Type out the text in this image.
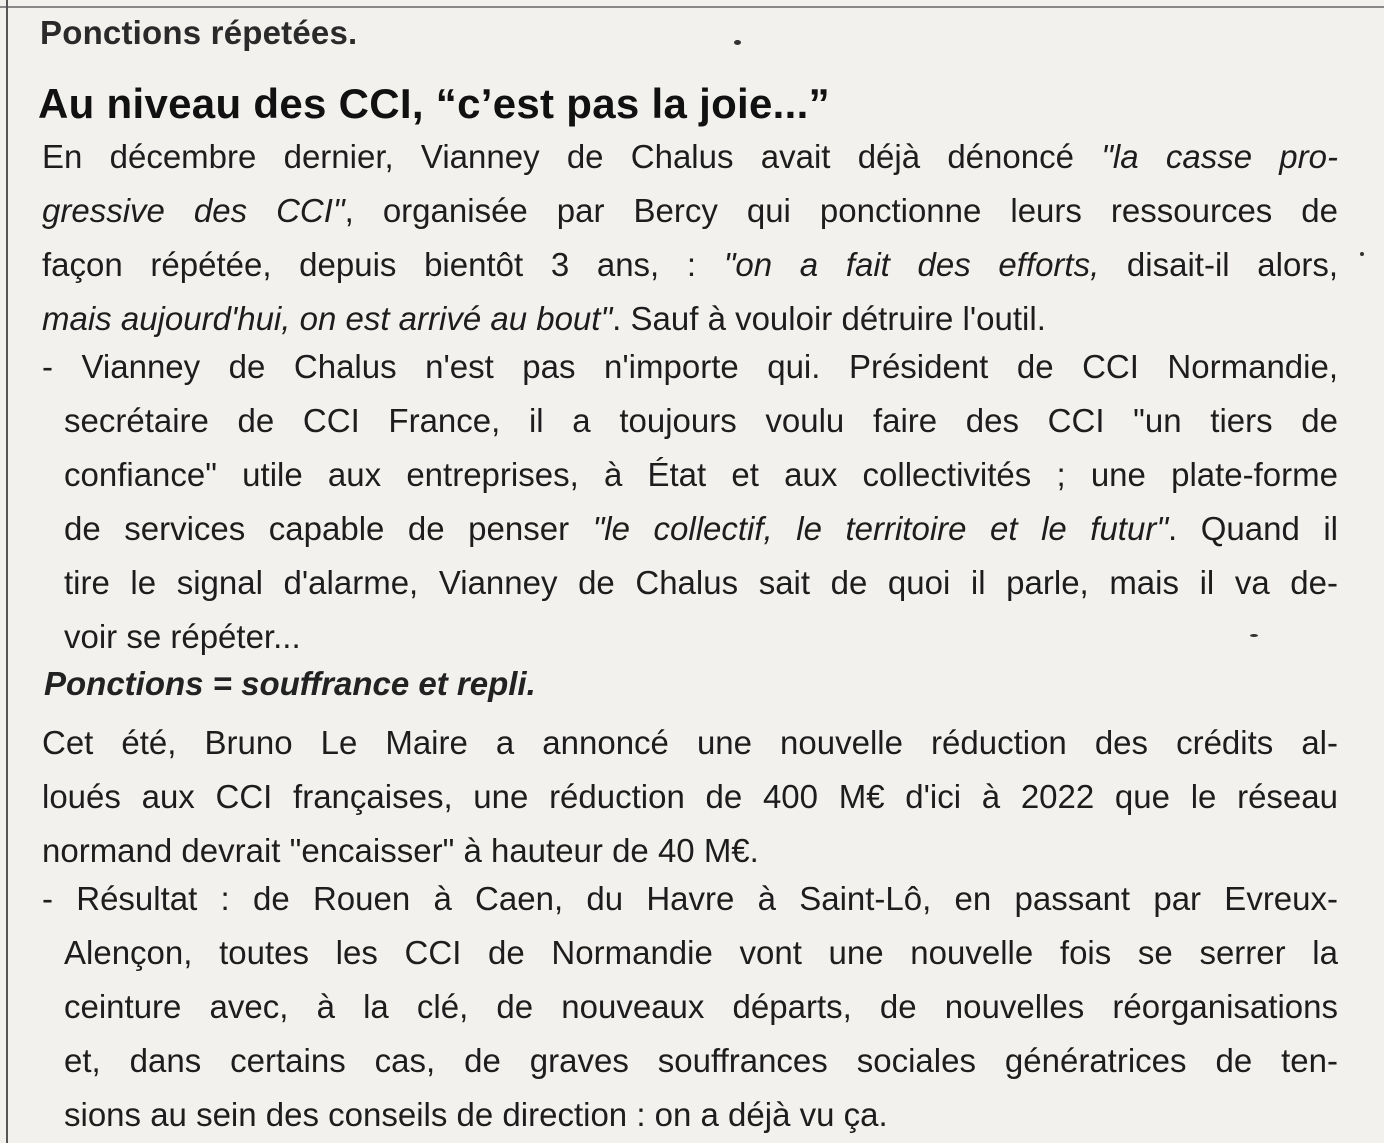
Ponctions répetées.

Au niveau des CCI, “c’est pas la joie...”
En décembre dernier, Vianney de Chalus avait déjà dénoncé "la casse pro-
gressive des CCI", organisée par Bercy qui ponctionne leurs ressources de
façon répétée, depuis bientôt 3 ans, : "on a fait des efforts, disait-il alors,
mais aujourd'hui, on est arrivé au bout". Sauf à vouloir détruire l'outil.
- Vianney de Chalus n'est pas n'importe qui. Président de CCI Normandie,
secrétaire de CCI France, il a toujours voulu faire des CCI "un tiers de
confiance" utile aux entreprises, à État et aux collectivités ; une plate-forme
de services capable de penser "le collectif, le territoire et le futur". Quand il
tire le signal d'alarme, Vianney de Chalus sait de quoi il parle, mais il va de-
voir se répéter...

Ponctions = souffrance et repli.

Cet été, Bruno Le Maire a annoncé une nouvelle réduction des crédits al-
loués aux CCI françaises, une réduction de 400 M€ d'ici à 2022 que le réseau
normand devrait "encaisser" à hauteur de 40 M€.
- Résultat : de Rouen à Caen, du Havre à Saint-Lô, en passant par Evreux-
Alençon, toutes les CCI de Normandie vont une nouvelle fois se serrer la
ceinture avec, à la clé, de nouveaux départs, de nouvelles réorganisations
et, dans certains cas, de graves souffrances sociales génératrices de ten-
sions au sein des conseils de direction : on a déjà vu ça.
